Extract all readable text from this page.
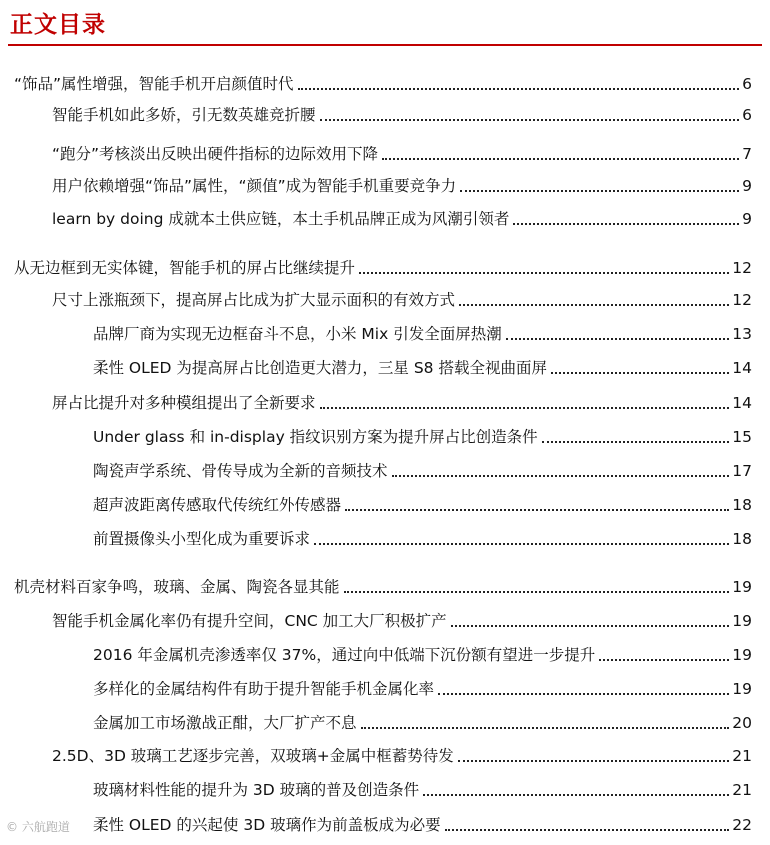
正文目录
“饰品”属性增强，智能手机开启颜值时代	6
智能手机如此多娇，引无数英雄竞折腰	6
“跑分”考核淡出反映出硬件指标的边际效用下降	7
用户依赖增强“饰品”属性，“颜值”成为智能手机重要竞争力	9
learn by doing 成就本土供应链，本土手机品牌正成为风潮引领者	9
从无边框到无实体键，智能手机的屏占比继续提升	12
尺寸上涨瓶颈下，提高屏占比成为扩大显示面积的有效方式	12
品牌厂商为实现无边框奋斗不息，小米 Mix 引发全面屏热潮	13
柔性 OLED 为提高屏占比创造更大潜力，三星 S8 搭载全视曲面屏	14
屏占比提升对多种模组提出了全新要求	14
Under glass 和 in-display 指纹识别方案为提升屏占比创造条件	15
陶瓷声学系统、骨传导成为全新的音频技术	17
超声波距离传感取代传统红外传感器	18
前置摄像头小型化成为重要诉求	18
机壳材料百家争鸣，玻璃、金属、陶瓷各显其能	19
智能手机金属化率仍有提升空间，CNC 加工大厂积极扩产	19
2016 年金属机壳渗透率仅 37%，通过向中低端下沉份额有望进一步提升	19
多样化的金属结构件有助于提升智能手机金属化率	19
金属加工市场激战正酣，大厂扩产不息	20
2.5D、3D 玻璃工艺逐步完善，双玻璃+金属中框蓄势待发	21
玻璃材料性能的提升为 3D 玻璃的普及创造条件	21
柔性 OLED 的兴起使 3D 玻璃作为前盖板成为必要	22
© 六航跑道
